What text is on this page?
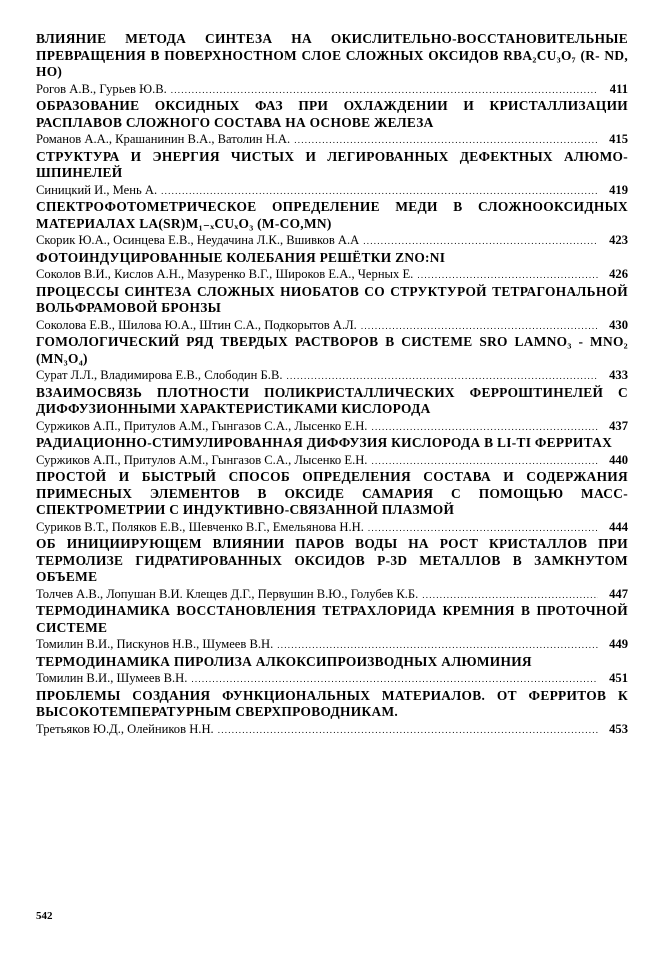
ВЛИЯНИЕ МЕТОДА СИНТЕЗА НА ОКИСЛИТЕЛЬНО-ВОССТАНОВИТЕЛЬНЫЕ ПРЕВРАЩЕНИЯ В ПОВЕРХНОСТНОМ СЛОЕ СЛОЖНЫХ ОКСИДОВ RBA₂CU₃O₇ (R- ND, HO)
Рогов А.В., Гурьев Ю.В. . . .	411
ОБРАЗОВАНИЕ ОКСИДНЫХ ФАЗ ПРИ ОХЛАЖДЕНИИ И КРИСТАЛЛИЗАЦИИ РАСПЛАВОВ СЛОЖНОГО СОСТАВА НА ОСНОВЕ ЖЕЛЕЗА
Романов А.А., Крашанинин В.А., Ватолин Н.А. . . .	415
СТРУКТУРА И ЭНЕРГИЯ ЧИСТЫХ И ЛЕГИРОВАННЫХ ДЕФЕКТНЫХ АЛЮМО-ШПИНЕЛЕЙ
Синицкий И., Мень А. . . .	419
СПЕКТРОФОТОМЕТРИЧЕСКОЕ ОПРЕДЕЛЕНИЕ МЕДИ В СЛОЖНООКСИДНЫХ МАТЕРИАЛАХ LA(SR)M₁₋ₓCUₓO₃ (M-CO,MN)
Скорик Ю.А., Осинцева Е.В., Неудачина Л.К., Вшивков А.А . . .	423
ФОТОИНДУЦИРОВАННЫЕ КОЛЕБАНИЯ РЕШЁТКИ ZNO:NI
Соколов В.И., Кислов А.Н., Мазуренко В.Г., Широков Е.А., Черных Е. . . .	426
ПРОЦЕССЫ СИНТЕЗА СЛОЖНЫХ НИОБАТОВ СО СТРУКТУРОЙ ТЕТРАГОНАЛЬНОЙ ВОЛЬФРАМОВОЙ БРОНЗЫ
Соколова Е.В., Шилова Ю.А., Штин С.А., Подкорытов А.Л. . . .	430
ГОМОЛОГИЧЕСКИЙ РЯД ТВЕРДЫХ РАСТВОРОВ В СИСТЕМЕ SRO LAMNO₃ - MNO₂ (MN₃O₄)
Сурат Л.Л., Владимирова Е.В., Слободин Б.В. . . .	433
ВЗАИМОСВЯЗЬ ПЛОТНОСТИ ПОЛИКРИСТАЛЛИЧЕСКИХ ФЕРРОШТИНЕЛЕЙ С ДИФФУЗИОННЫМИ ХАРАКТЕРИСТИКАМИ КИСЛОРОДА
Суржиков А.П., Притулов А.М., Гынгазов С.А., Лысенко Е.Н. . . .	437
РАДИАЦИОННО-СТИМУЛИРОВАННАЯ ДИФФУЗИЯ КИСЛОРОДА В LI-TI ФЕРРИТАХ
Суржиков А.П., Притулов А.М., Гынгазов С.А., Лысенко Е.Н. . . .	440
ПРОСТОЙ И БЫСТРЫЙ СПОСОБ ОПРЕДЕЛЕНИЯ СОСТАВА И СОДЕРЖАНИЯ ПРИМЕСНЫХ ЭЛЕМЕНТОВ В ОКСИДЕ САМАРИЯ С ПОМОЩЬЮ МАСС-СПЕКТРОМЕТРИИ С ИНДУКТИВНО-СВЯЗАННОЙ ПЛАЗМОЙ
Суриков В.Т., Поляков Е.В., Шевченко В.Г., Емельянова Н.Н. . . .	444
ОБ ИНИЦИИРУЮЩЕМ ВЛИЯНИИ ПАРОВ ВОДЫ НА РОСТ КРИСТАЛЛОВ ПРИ ТЕРМОЛИЗЕ ГИДРАТИРОВАННЫХ ОКСИДОВ P-3D МЕТАЛЛОВ В ЗАМКНУТОМ ОБЪЕМЕ
Толчев А.В., Лопушан В.И. Клещев Д.Г., Первушин В.Ю., Голубев К.Б. . . .	447
ТЕРМОДИНАМИКА ВОССТАНОВЛЕНИЯ ТЕТРАХЛОРИДА КРЕМНИЯ В ПРОТОЧНОЙ СИСТЕМЕ
Томилин В.И., Пискунов Н.В., Шумеев В.Н. . . .	449
ТЕРМОДИНАМИКА ПИРОЛИЗА АЛКОКСИПРОИЗВОДНЫХ АЛЮМИНИЯ
Томилин В.И., Шумеев В.Н. . . .	451
ПРОБЛЕМЫ СОЗДАНИЯ ФУНКЦИОНАЛЬНЫХ МАТЕРИАЛОВ. ОТ ФЕРРИТОВ К ВЫСОКОТЕМПЕРАТУРНЫМ СВЕРХПРОВОДНИКАМ.
Третьяков Ю.Д., Олейников Н.Н. . . .	453
542
